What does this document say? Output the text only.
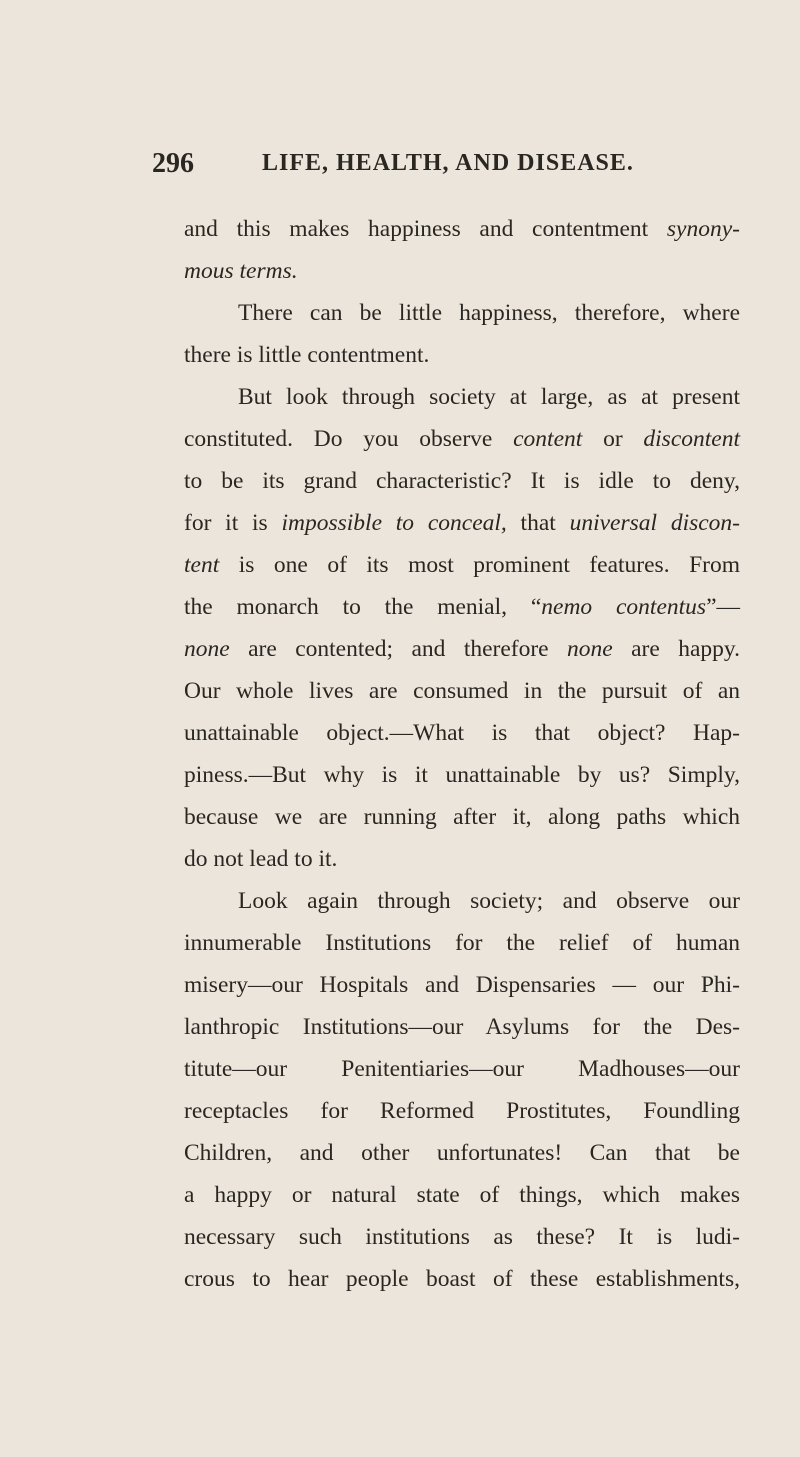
296	LIFE, HEALTH, AND DISEASE.
and this makes happiness and contentment synony-
mous terms.
There can be little happiness, therefore, where
there is little contentment.
But look through society at large, as at present
constituted. Do you observe content or discontent
to be its grand characteristic? It is idle to deny,
for it is impossible to conceal, that universal discon-
tent is one of its most prominent features. From
the monarch to the menial, “nemo contentus”—
none are contented; and therefore none are happy.
Our whole lives are consumed in the pursuit of an
unattainable object.—What is that object? Hap-
piness.—But why is it unattainable by us? Simply,
because we are running after it, along paths which
do not lead to it.
Look again through society; and observe our
innumerable Institutions for the relief of human
misery—our Hospitals and Dispensaries — our Phi-
lanthropic Institutions—our Asylums for the Des-
titute—our Penitentiaries—our Madhouses—our
receptacles for Reformed Prostitutes, Foundling
Children, and other unfortunates! Can that be
a happy or natural state of things, which makes
necessary such institutions as these? It is ludi-
crous to hear people boast of these establishments,
